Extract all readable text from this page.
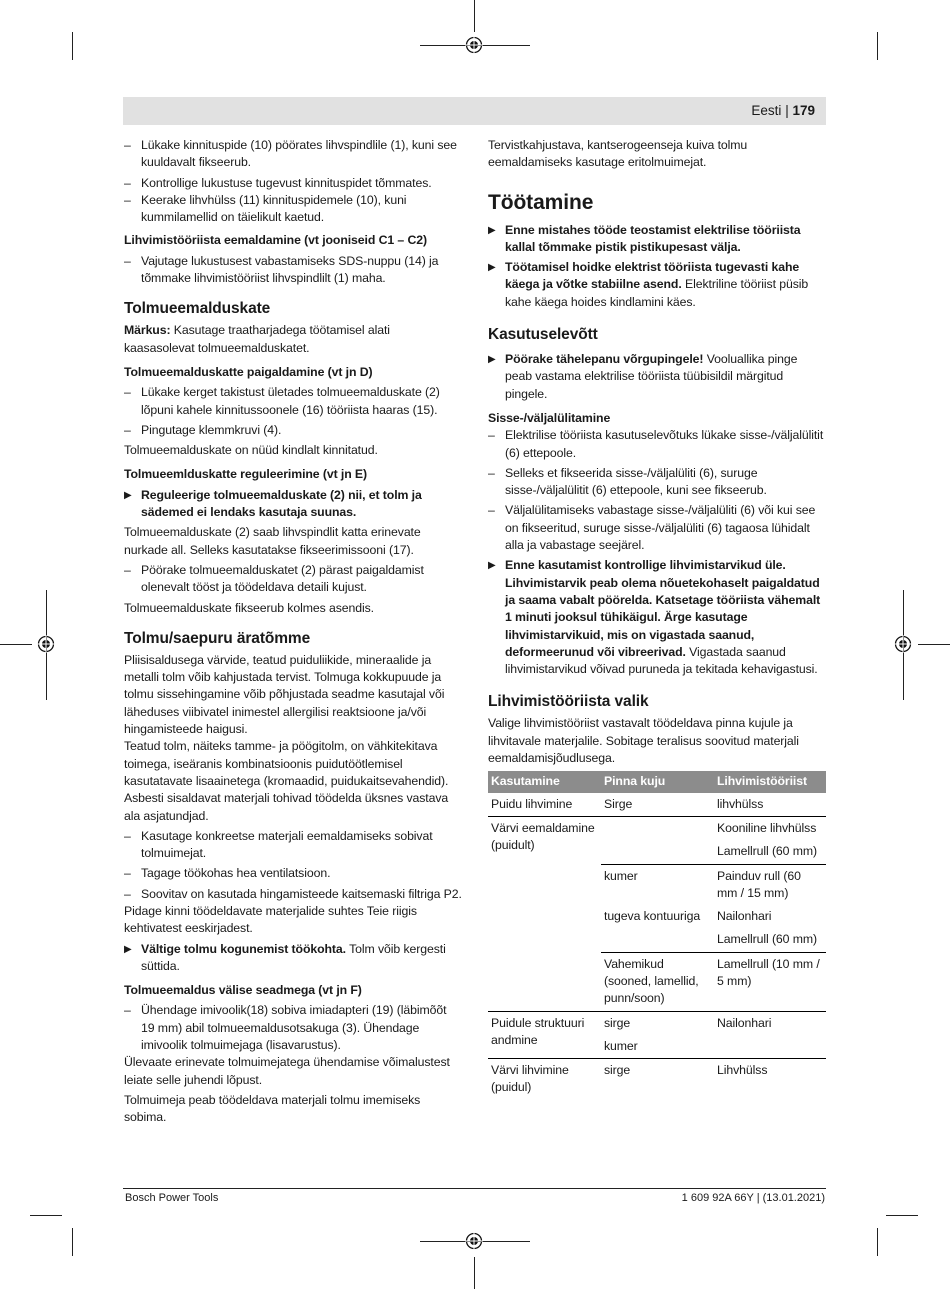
Eesti | 179
– Lükake kinnituspide (10) pöörates lihvspindlile (1), kuni see kuuldavalt fikseerub.
– Kontrollige lukustuse tugevust kinnituspidet tõmmates.
– Keerake lihvhülss (11) kinnituspidemele (10), kuni kummilamellid on täielikult kaetud.
Lihvimistööriista eemaldamine (vt jooniseid C1 – C2)
– Vajutage lukustusest vabastamiseks SDS-nuppu (14) ja tõmmake lihvimistööriist lihvspindlilt (1) maha.
Tolmueemalduskate

Märkus: Kasutage traatharjadega töötamisel alati kaasasolevat tolmueemalduskatet.

Tolmueemalduskatte paigaldamine (vt jn D)
– Lükake kerget takistust ületades tolmueemalduskate (2) lõpuni kahele kinnitussoonele (16) tööriista haaras (15).
– Pingutage klemmkruvi (4).

Tolmueemalduskate on nüüd kindlalt kinnitatud.

Tolmueemlduskatte reguleerimine (vt jn E)
▶ Reguleerige tolmueemalduskate (2) nii, et tolm ja sädemed ei lendaks kasutaja suunas.

Tolmueemalduskate (2) saab lihvspindlit katta erinevate nurkade all. Selleks kasutatakse fikseerimissooni (17).

– Pöörake tolmueemalduskatet (2) pärast paigaldamist olenevalt tööst ja töödeldava detaili kujust.

Tolmueemalduskate fikseerub kolmes asendis.

Tolmu/saepuru äratõmme

Pliisisaldusega värvide, teatud puiduliikide, mineraalide ja metalli tolm võib kahjustada tervist. Tolmuga kokkupuude ja tolmu sissehingamine võib põhjustada seadme kasutajal või läheduses viibivatel inimestel allergilisi reaktsioone ja/või hingamisteede haigusi.

Teatud tolm, näiteks tamme- ja pöögitolm, on vähkitekitava toimega, iseäranis kombinatsioonis puidutöötlemisel kasutatavate lisaainetega (kromaadid, puidukaitsevahendid). Asbesti sisaldavat materjali tohivad töödelda üksnes vastava ala asjatundjad.

– Kasutage konkreetse materjali eemaldamiseks sobivat tolmuimejat.
– Tagage töökohas hea ventilatsioon.
– Soovitav on kasutada hingamisteede kaitsemaski filtriga P2.

Pidage kinni töödeldavate materjalide suhtes Teie riigis kehtivatest eeskirjadest.

▶ Vältige tolmu kogunemist töökohta. Tolm võib kergesti süttida.
Tolmueemaldus välise seadmega (vt jn F)
– Ühendage imivoolik(18) sobiva imiadapteri (19) (läbimõõt 19 mm) abil tolmueemaldusotsakuga (3). Ühendage imivoolik tolmuimejaga (lisavarustus).

Ülevaate erinevate tolmuimejatega ühendamise võimalustest leiate selle juhendi lõpust.

Tolmuimeja peab töödeldava materjali tolmu imemiseks sobima.

Tervistkahjustava, kantserogeenseja kuiva tolmu eemaldamiseks kasutage eritolmuimejat.

Töötamine
▶ Enne mistahes tööde teostamist elektrilise tööriista kallal tõmmake pistik pistikupesast välja.
▶ Töötamisel hoidke elektrist tööriista tugevasti kahe käega ja võtke stabiilne asend. Elektriline tööriist püsib kahe käega hoides kindlamini käes.
Kasutuselevõtt
▶ Pöörake tähelepanu võrgupingele! Vooluallika pinge peab vastama elektrilise tööriista tüübisildil märgitud pingele.
Sisse-/väljalülitamine
– Elektrilise tööriista kasutuselevõtuks lükake sisse-/väljalülitit (6) ettepoole.
– Selleks et fikseerida sisse-/väljalüliti (6), suruge sisse-/väljalülitit (6) ettepoole, kuni see fikseerub.
– Väljalülitamiseks vabastage sisse-/väljalüliti (6) või kui see on fikseeritud, suruge sisse-/väljalüliti (6) tagaosa lühidalt alla ja vabastage seejärel.
▶ Enne kasutamist kontrollige lihvimistarvikud üle. Lihvimistarvik peab olema nõuetekohaselt paigaldatud ja saama vabalt pöörelda. Katsetage tööriista vähemalt 1 minuti jooksul tühikäigul. Ärge kasutage lihvimistarvikuid, mis on vigastada saanud, deformeerunud või vibreerivad. Vigastada saanud lihvimistarvikud võivad puruneda ja tekitada kehavigastusi.
Lihvimistööriista valik

Valige lihvimistööriist vastavalt töödeldava pinna kujule ja lihvitavale materjalile. Sobitage teralisus soovitud materjali eemaldamisjõudlusega.

Kasutamine	Pinna kuju	Lihvimistööriist
Puidu lihvimine	Sirge	lihvhülss
Värvi eemaldamine (puidult)		Kooniline lihvhülss
		Lamellrull (60 mm)
	kumer	Painduv rull (60 mm / 15 mm)
	tugeva kontuuriga	Nailonhari
		Lamellrull (60 mm)
	Vahemikud (sooned, lamellid, punn/soon)	Lamellrull (10 mm / 5 mm)
Puidule struktuuri andmine	sirge	Nailonhari
	kumer	
Värvi lihvimine (puidul)	sirge	Lihvhülss
Bosch Power Tools	1 609 92A 66Y | (13.01.2021)
